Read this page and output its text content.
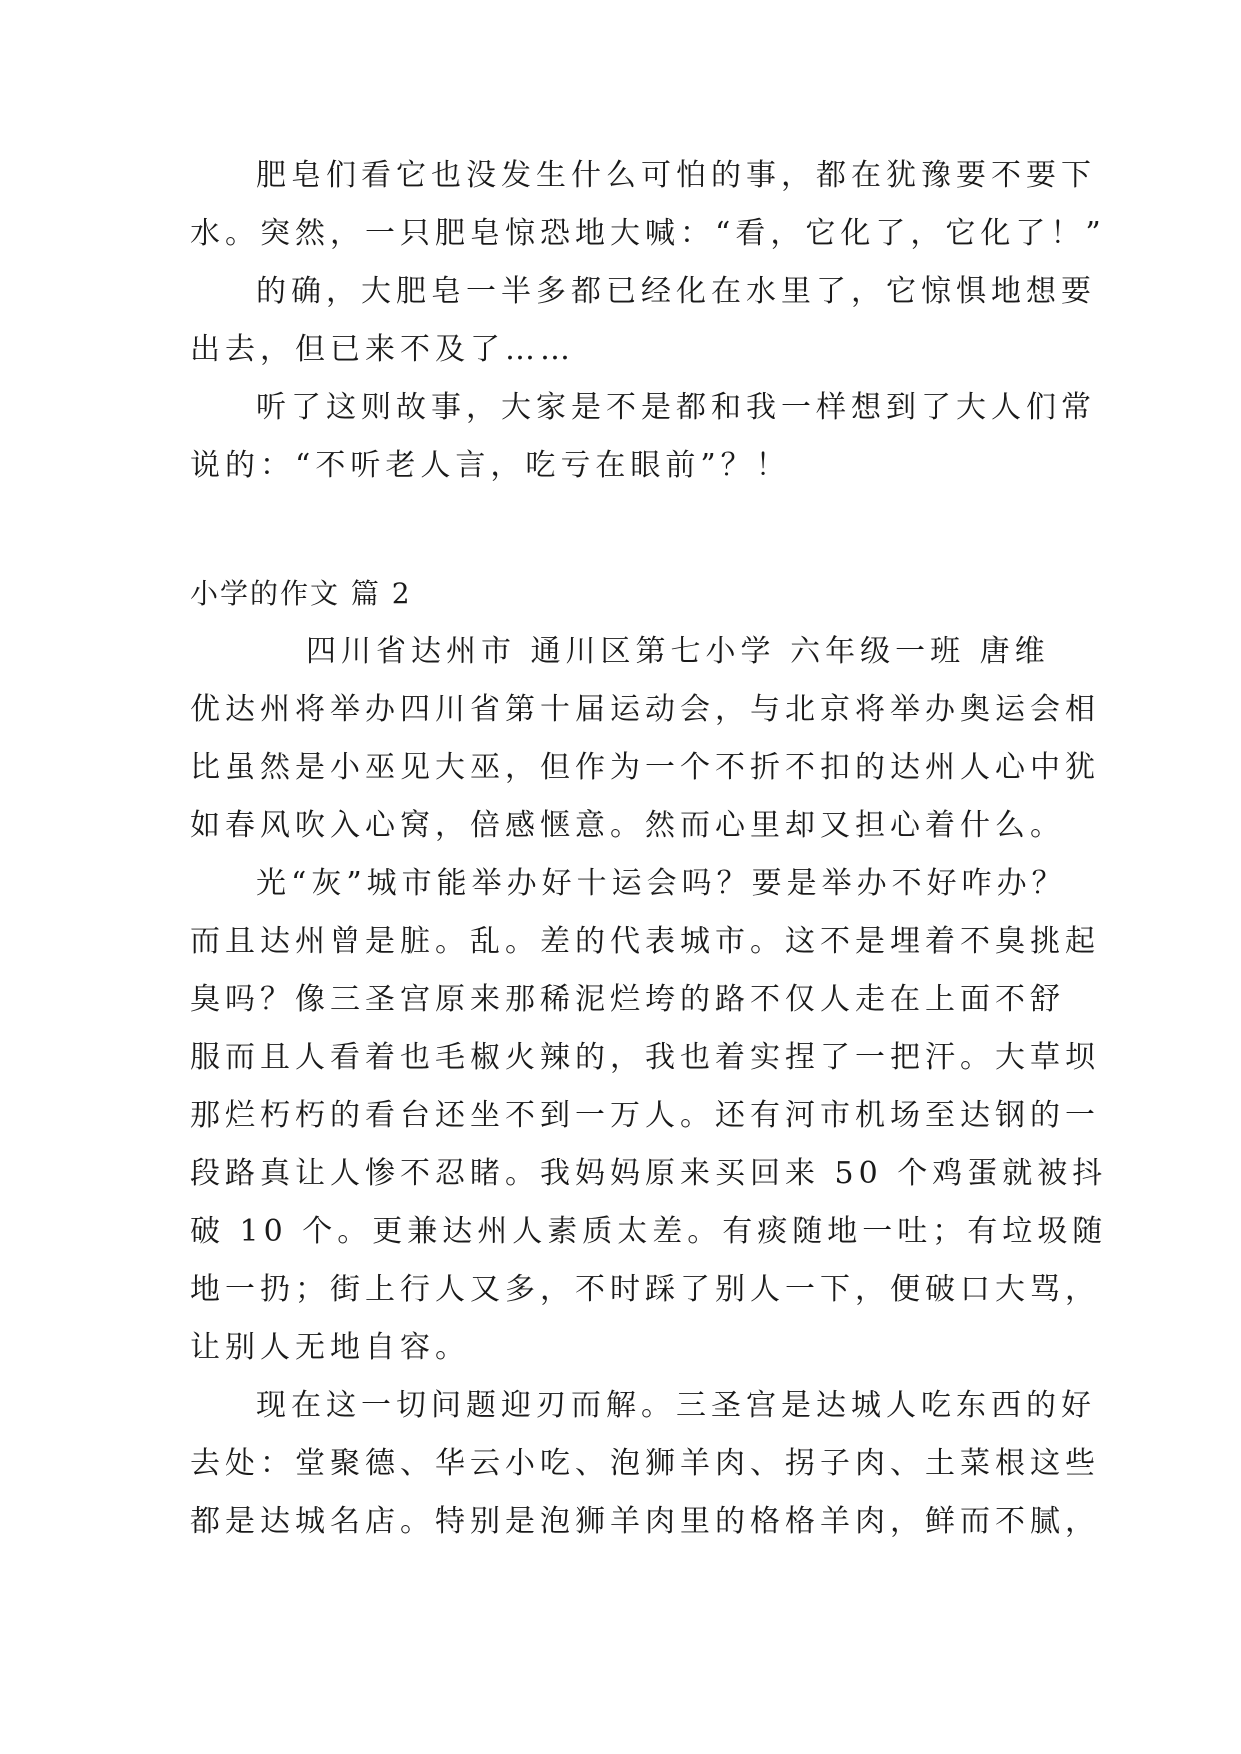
肥皂们看它也没发生什么可怕的事，都在犹豫要不要下
水。突然，一只肥皂惊恐地大喊：“看，它化了，它化了！”
的确，大肥皂一半多都已经化在水里了，它惊惧地想要
出去，但已来不及了……
听了这则故事，大家是不是都和我一样想到了大人们常
说的：“不听老人言，吃亏在眼前”？！
小学的作文 篇 2
四川省达州市 通川区第七小学 六年级一班 唐维
优达州将举办四川省第十届运动会，与北京将举办奥运会相
比虽然是小巫见大巫，但作为一个不折不扣的达州人心中犹
如春风吹入心窝，倍感惬意。然而心里却又担心着什么。
光“灰”城市能举办好十运会吗？要是举办不好咋办？
而且达州曾是脏。乱。差的代表城市。这不是埋着不臭挑起
臭吗？像三圣宫原来那稀泥烂垮的路不仅人走在上面不舒
服而且人看着也毛椒火辣的，我也着实捏了一把汗。大草坝
那烂朽朽的看台还坐不到一万人。还有河市机场至达钢的一
段路真让人惨不忍睹。我妈妈原来买回来 50 个鸡蛋就被抖
破 10 个。更兼达州人素质太差。有痰随地一吐；有垃圾随
地一扔；街上行人又多，不时踩了别人一下，便破口大骂，
让别人无地自容。
现在这一切问题迎刃而解。三圣宫是达城人吃东西的好
去处：堂聚德、华云小吃、泡狮羊肉、拐子肉、土菜根这些
都是达城名店。特别是泡狮羊肉里的格格羊肉，鲜而不腻，
